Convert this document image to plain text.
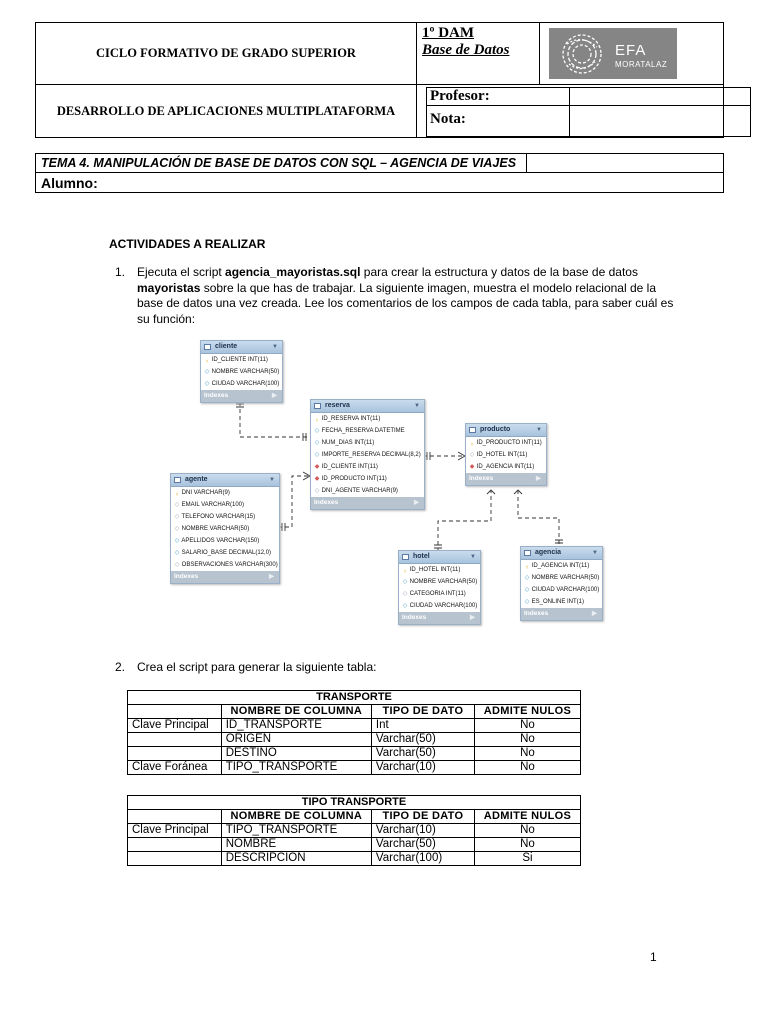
CICLO FORMATIVO DE GRADO SUPERIOR
DESARROLLO DE APLICACIONES MULTIPLATAFORMA
1º DAM
Base de Datos	EFA
MORATALAZ
Profesor:
Nota:
TEMA 4. MANIPULACIÓN DE BASE DE DATOS CON SQL – AGENCIA DE VIAJES
Alumno:
ACTIVIDADES A REALIZAR
1. Ejecuta el script agencia_mayoristas.sql para crear la estructura y datos de la base de datos
mayoristas sobre la que has de trabajar. La siguiente imagen, muestra el modelo relacional de la
base de datos una vez creada. Lee los comentarios de los campos de cada tabla, para saber cuál es
su función:
cliente	▼
♀ ID_CLIENTE INT(11)
◇ NOMBRE VARCHAR(50)
◇ CIUDAD VARCHAR(100)
Indexes	▶
reserva	▼
♀ ID_RESERVA INT(11)
◇ FECHA_RESERVA DATETIME
◇ NUM_DIAS INT(11)
◇ IMPORTE_RESERVA DECIMAL(8,2)
◆ ID_CLIENTE INT(11)
◆ ID_PRODUCTO INT(11)
◇ DNI_AGENTE VARCHAR(9)
Indexes	▶
producto	▼
♀ ID_PRODUCTO INT(11)
◇ ID_HOTEL INT(11)
◆ ID_AGENCIA INT(11)
Indexes	▶
agente	▼
♀ DNI VARCHAR(9)
◇ EMAIL VARCHAR(100)
◇ TELEFONO VARCHAR(15)
◇ NOMBRE VARCHAR(50)
◇ APELLIDOS VARCHAR(150)
◇ SALARIO_BASE DECIMAL(12,0)
◇ OBSERVACIONES VARCHAR(300)
Indexes	▶
hotel	▼
♀ ID_HOTEL INT(11)
◇ NOMBRE VARCHAR(50)
◇ CATEGORIA INT(11)
◇ CIUDAD VARCHAR(100)
Indexes	▶
agencia	▼
♀ ID_AGENCIA INT(11)
◇ NOMBRE VARCHAR(50)
◇ CIUDAD VARCHAR(100)
◇ ES_ONLINE INT(1)
Indexes	▶
TRANSPORTE			
	NOMBRE DE COLUMNA	TIPO DE DATO	ADMITE NULOS
Clave Principal	ID_TRANSPORTE	Int	No
	ORIGEN	Varchar(50)	No
	DESTINO	Varchar(50)	No
Clave Foránea	TIPO_TRANSPORTE	Varchar(10)	No
TIPO TRANSPORTE			
	NOMBRE DE COLUMNA	TIPO DE DATO	ADMITE NULOS
Clave Principal	TIPO_TRANSPORTE	Varchar(10)	No
	NOMBRE	Varchar(50)	No
	DESCRIPCION	Varchar(100)	Si
2. Crea el script para generar la siguiente tabla:
1
